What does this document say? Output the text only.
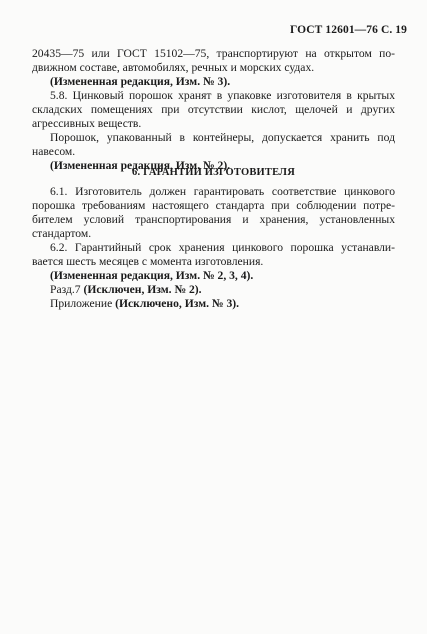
ГОСТ 12601—76 С. 19
20435—75 или ГОСТ 15102—75, транспортируют на открытом по-
движном составе, автомобилях, речных и морских судах.
(Измененная редакция, Изм. № 3).
5.8. Цинковый порошок хранят в упаковке изготовителя в крытых
складских помещениях при отсутствии кислот, щелочей и других
агрессивных веществ.
Порошок, упакованный в контейнеры, допускается хранить под
навесом.
(Измененная редакция, Изм. № 2).
6. ГАРАНТИИ ИЗГОТОВИТЕЛЯ
6.1. Изготовитель должен гарантировать соответствие цинкового
порошка требованиям настоящего стандарта при соблюдении потре-
бителем условий транспортирования и хранения, установленных
стандартом.
6.2. Гарантийный срок хранения цинкового порошка устанавли-
вается шесть месяцев с момента изготовления.
(Измененная редакция, Изм. № 2, 3, 4).
Разд.7 (Исключен, Изм. № 2).
Приложение (Исключено, Изм. № 3).
